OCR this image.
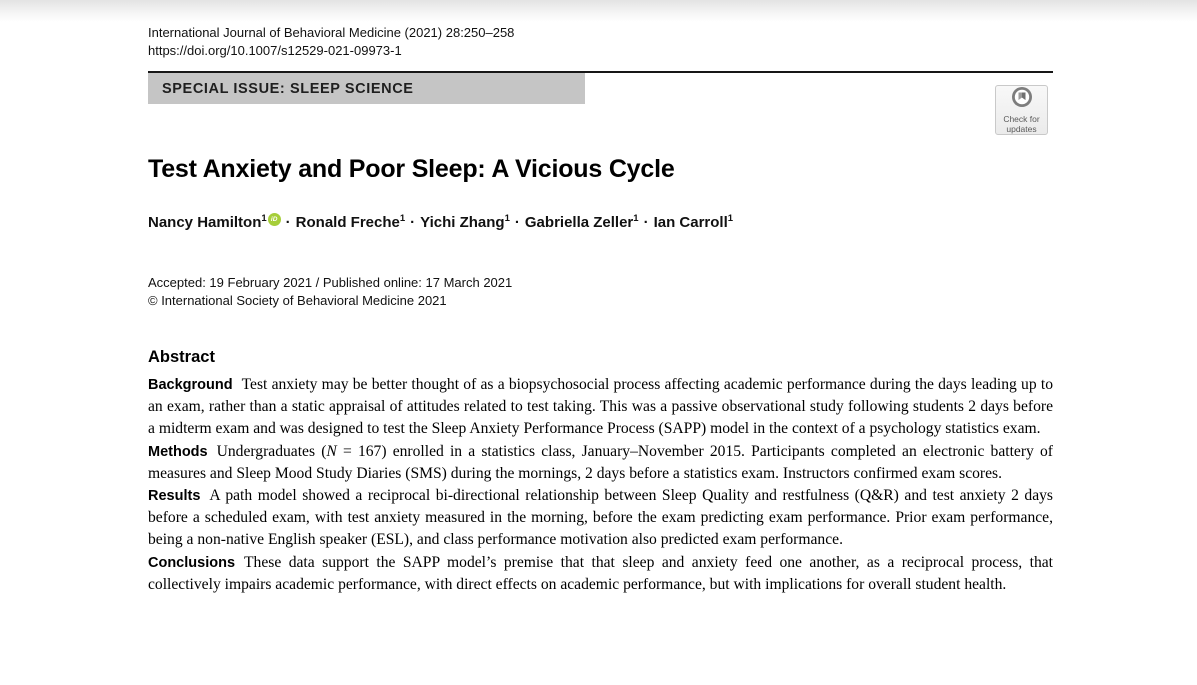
International Journal of Behavioral Medicine (2021) 28:250–258
https://doi.org/10.1007/s12529-021-09973-1
SPECIAL ISSUE: SLEEP SCIENCE
Check for updates
Test Anxiety and Poor Sleep: A Vicious Cycle
Nancy Hamilton$^1$ iD · Ronald Freche$^1$ · Yichi Zhang$^1$ · Gabriella Zeller$^1$ · Ian Carroll$^1$
Accepted: 19 February 2021 / Published online: 17 March 2021
© International Society of Behavioral Medicine 2021
Abstract
Background Test anxiety may be better thought of as a biopsychosocial process affecting academic performance during the days leading up to an exam, rather than a static appraisal of attitudes related to test taking. This was a passive observational study following students 2 days before a midterm exam and was designed to test the Sleep Anxiety Performance Process (SAPP) model in the context of a psychology statistics exam.
Methods Undergraduates (N = 167) enrolled in a statistics class, January–November 2015. Participants completed an electronic battery of measures and Sleep Mood Study Diaries (SMS) during the mornings, 2 days before a statistics exam. Instructors confirmed exam scores.
Results A path model showed a reciprocal bi-directional relationship between Sleep Quality and restfulness (Q&R) and test anxiety 2 days before a scheduled exam, with test anxiety measured in the morning, before the exam predicting exam performance. Prior exam performance, being a non-native English speaker (ESL), and class performance motivation also predicted exam performance.
Conclusions These data support the SAPP model’s premise that that sleep and anxiety feed one another, as a reciprocal process, that collectively impairs academic performance, with direct effects on academic performance, but with implications for overall student health.
